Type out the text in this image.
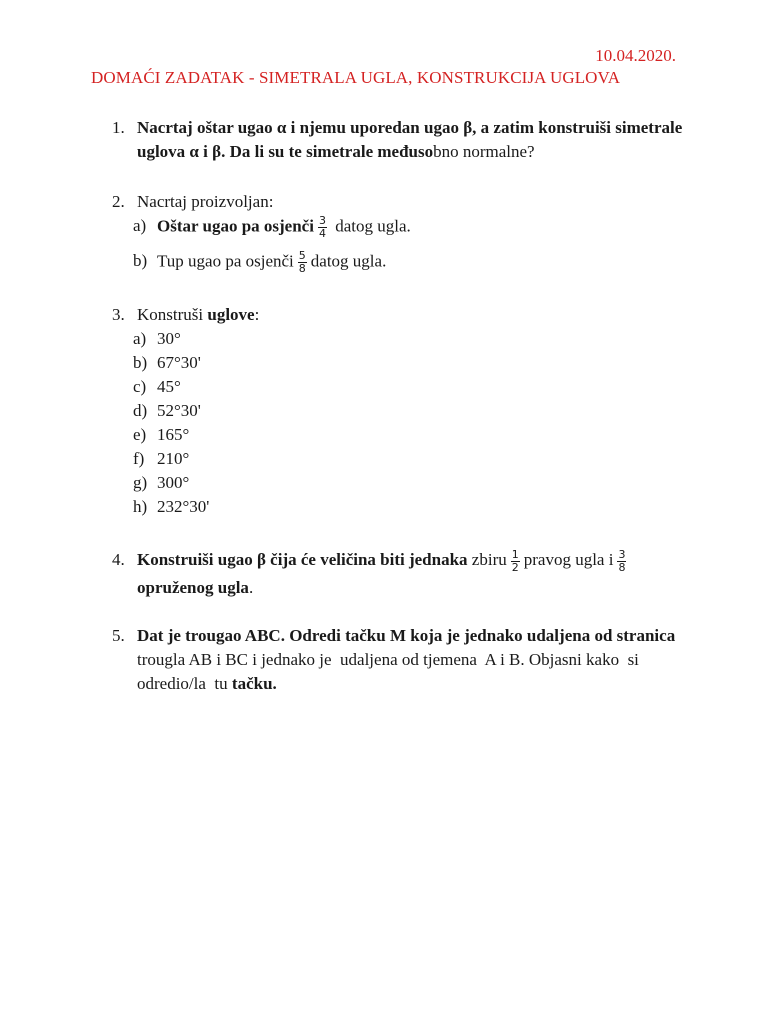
10.04.2020.
DOMAĆI ZADATAK - SIMETRALA UGLA, KONSTRUKCIJA UGLOVA
1. Nacrtaj oštar ugao α i njemu uporedan ugao β, a zatim konstruiši simetrale
uglova α i β. Da li su te simetrale međusobno normalne?
2. Nacrtaj proizvoljan:
a) Oštar ugao pa osjenči $\frac{3}{4}$ datog ugla.
b) Tup ugao pa osjenči $\frac{5}{8}$ datog ugla.
3. Konstruši uglove:
a) 30°
b) 67°30'
c) 45°
d) 52°30'
e) 165°
f) 210°
g) 300°
h) 232°30'
4. Konstruiši ugao β čija će veličina biti jednaka zbiru $\frac{1}{2}$ pravog ugla i $\frac{3}{8}$
opruženog ugla.
5. Dat je trougao ABC. Odredi tačku M koja je jednako udaljena od stranica
trougla AB i BC i jednako je  udaljena od tjemena  A i B. Objasni kako  si
odredio/la  tu tačku.
